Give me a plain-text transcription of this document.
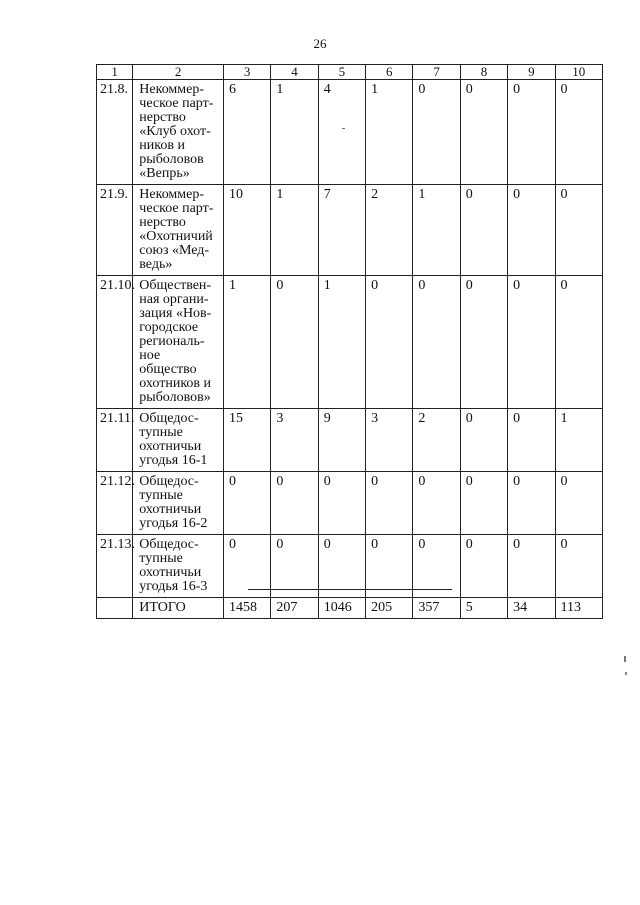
26
1	2	3	4	5	6	7	8	9	10
21.8.	Некоммер-ческое парт-нерство «Клуб охот-ников и рыболовов «Вепрь»	6	1	4	1	0	0	0	0
21.9.	Некоммер-ческое парт-нерство «Охотничий союз «Мед-ведь»	10	1	7	2	1	0	0	0
21.10.	Обществен-ная органи-зация «Нов-городское региональ-ное общество охотников и рыболовов»	1	0	1	0	0	0	0	0
21.11.	Общедос-тупные охотничьи угодья 16-1	15	3	9	3	2	0	0	1
21.12.	Общедос-тупные охотничьи угодья 16-2	0	0	0	0	0	0	0	0
21.13.	Общедос-тупные охотничьи угодья 16-3	0	0	0	0	0	0	0	0
	ИТОГО	1458	207	1046	205	357	5	34	113
